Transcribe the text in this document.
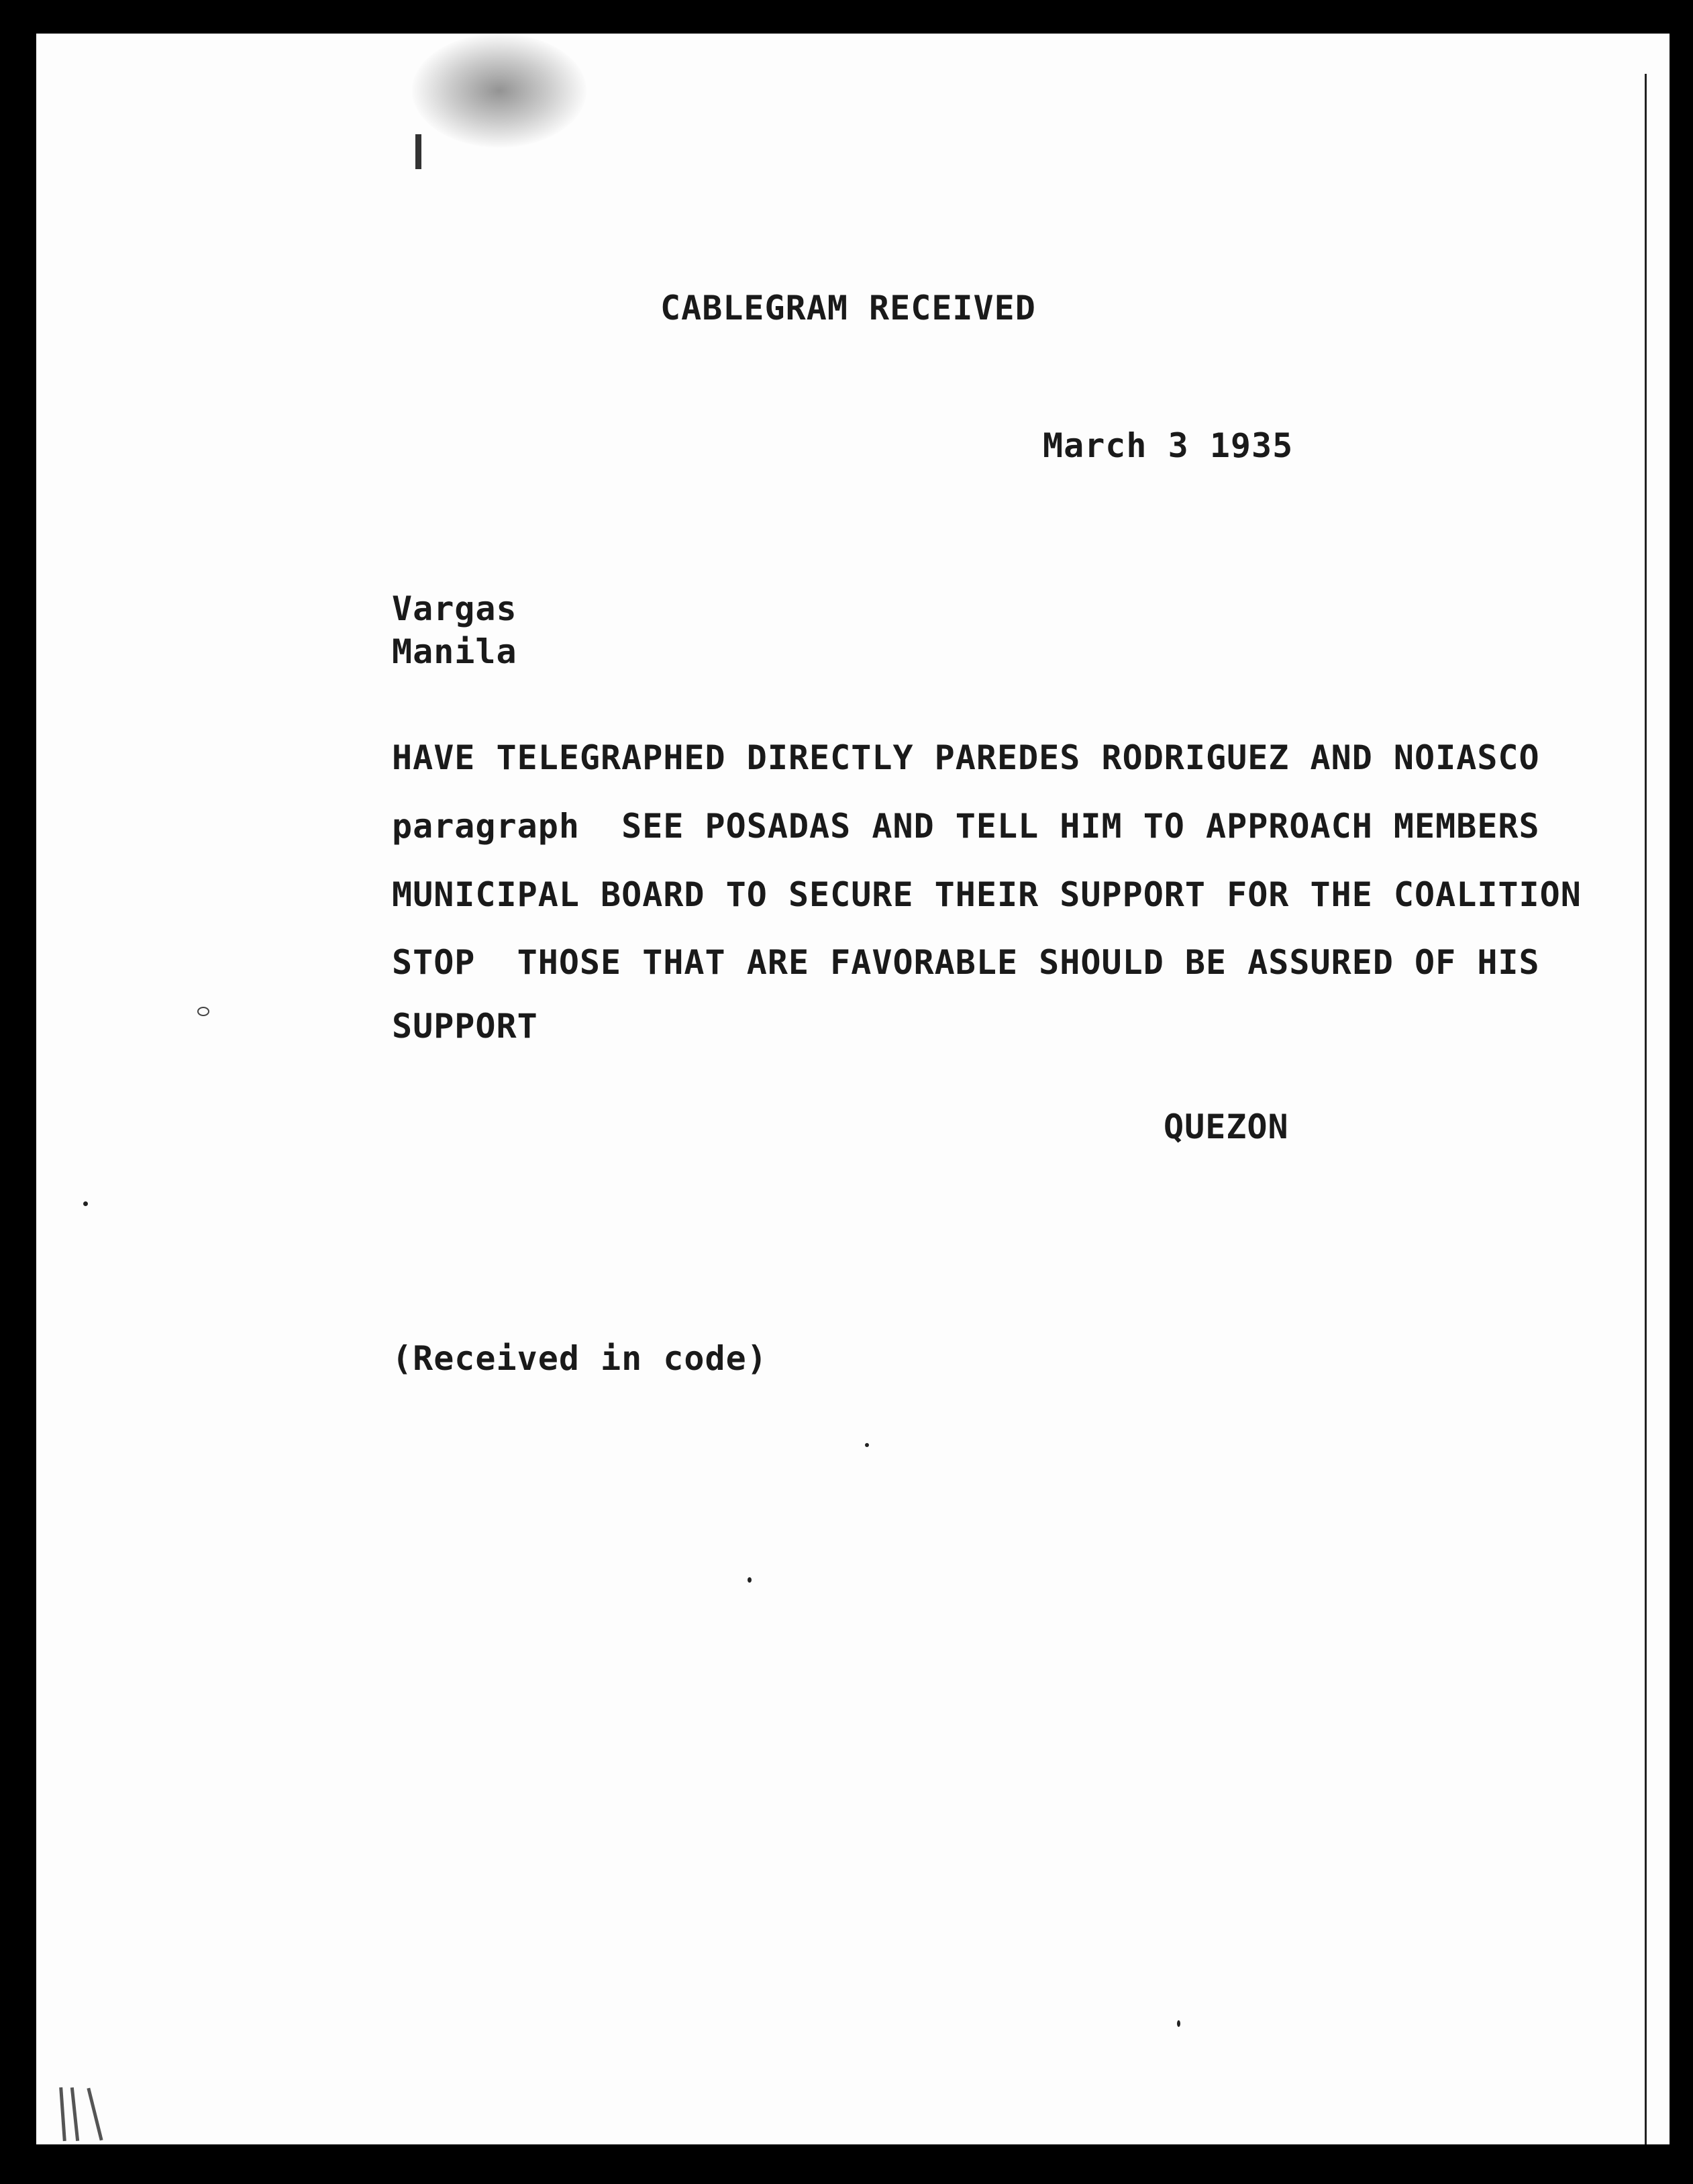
CABLEGRAM RECEIVED
March 3 1935
Vargas
Manila
HAVE TELEGRAPHED DIRECTLY PAREDES RODRIGUEZ AND NOIASCO
paragraph  SEE POSADAS AND TELL HIM TO APPROACH MEMBERS
MUNICIPAL BOARD TO SECURE THEIR SUPPORT FOR THE COALITION
STOP  THOSE THAT ARE FAVORABLE SHOULD BE ASSURED OF HIS
SUPPORT
QUEZON
(Received in code)
